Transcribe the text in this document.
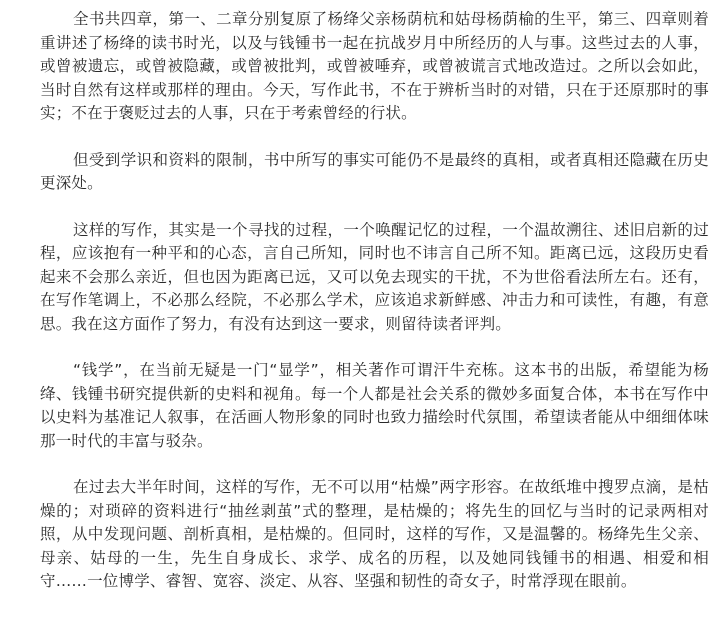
全书共四章，第一、二章分别复原了杨绛父亲杨荫杭和姑母杨荫榆的生平，第三、四章则着重讲述了杨绛的读书时光，以及与钱锺书一起在抗战岁月中所经历的人与事。这些过去的人事，或曾被遗忘，或曾被隐藏，或曾被批判，或曾被唾弃，或曾被谎言式地改造过。之所以会如此，当时自然有这样或那样的理由。今天，写作此书，不在于辨析当时的对错，只在于还原那时的事实；不在于褒贬过去的人事，只在于考索曾经的行状。

但受到学识和资料的限制，书中所写的事实可能仍不是最终的真相，或者真相还隐藏在历史更深处。

这样的写作，其实是一个寻找的过程，一个唤醒记忆的过程，一个温故溯往、述旧启新的过程，应该抱有一种平和的心态，言自己所知，同时也不讳言自己所不知。距离已远，这段历史看起来不会那么亲近，但也因为距离已远，又可以免去现实的干扰，不为世俗看法所左右。还有，在写作笔调上，不必那么经院，不必那么学术，应该追求新鲜感、冲击力和可读性，有趣，有意思。我在这方面作了努力，有没有达到这一要求，则留待读者评判。

“钱学”，在当前无疑是一门“显学”，相关著作可谓汗牛充栋。这本书的出版，希望能为杨绛、钱锺书研究提供新的史料和视角。每一个人都是社会关系的微妙多面复合体，本书在写作中以史料为基准记人叙事，在活画人物形象的同时也致力描绘时代氛围，希望读者能从中细细体味那一时代的丰富与驳杂。

在过去大半年时间，这样的写作，无不可以用“枯燥”两字形容。在故纸堆中搜罗点滴，是枯燥的；对琐碎的资料进行“抽丝剥茧”式的整理，是枯燥的；将先生的回忆与当时的记录两相对照，从中发现问题、剖析真相，是枯燥的。但同时，这样的写作，又是温馨的。杨绛先生父亲、母亲、姑母的一生，先生自身成长、求学、成名的历程，以及她同钱锺书的相遇、相爱和相守……一位博学、睿智、宽容、淡定、从容、坚强和韧性的奇女子，时常浮现在眼前。
